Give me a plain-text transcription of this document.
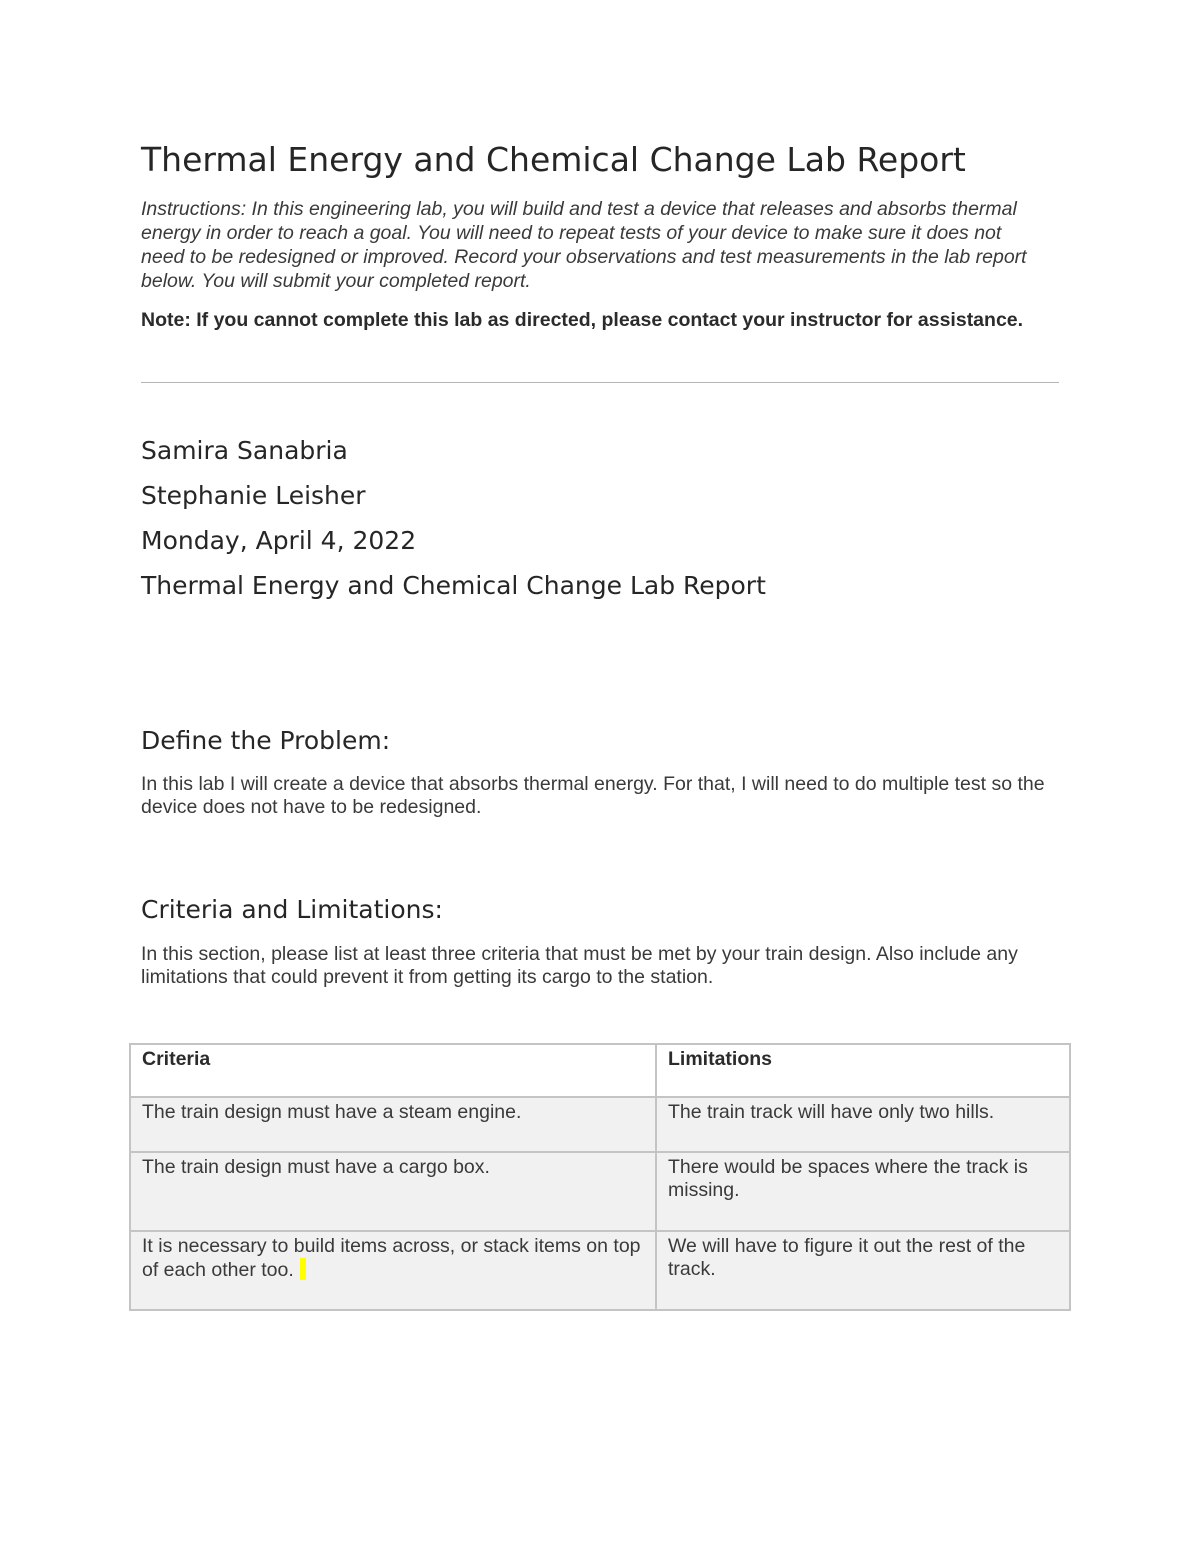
Thermal Energy and Chemical Change Lab Report

Instructions: In this engineering lab, you will build and test a device that releases and absorbs thermal energy in order to reach a goal. You will need to repeat tests of your device to make sure it does not need to be redesigned or improved. Record your observations and test measurements in the lab report below. You will submit your completed report.

Note: If you cannot complete this lab as directed, please contact your instructor for assistance.

Samira Sanabria

Stephanie Leisher

Monday, April 4, 2022

Thermal Energy and Chemical Change Lab Report

Define the Problem:

In this lab I will create a device that absorbs thermal energy. For that, I will need to do multiple test so the device does not have to be redesigned.

Criteria and Limitations:

In this section, please list at least three criteria that must be met by your train design. Also include any limitations that could prevent it from getting its cargo to the station.

Criteria	Limitations
The train design must have a steam engine.	The train track will have only two hills.
The train design must have a cargo box.	There would be spaces where the track is missing.
It is necessary to build items across, or stack items on top of each other too.	We will have to figure it out the rest of the track.
